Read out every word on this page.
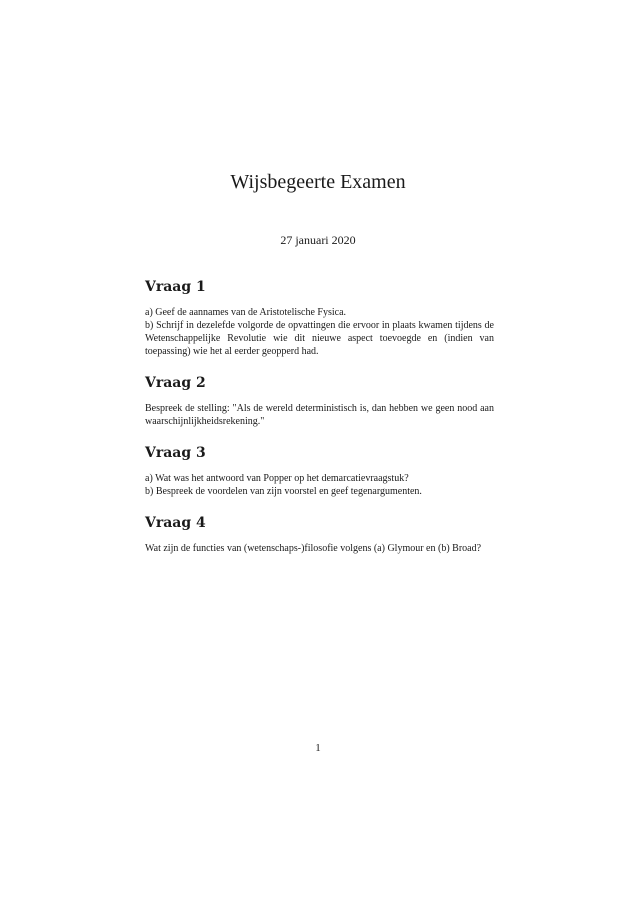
Wijsbegeerte Examen
27 januari 2020
Vraag 1
a) Geef de aannames van de Aristotelische Fysica.
b) Schrijf in dezelefde volgorde de opvattingen die ervoor in plaats kwamen tijdens de Wetenschappelijke Revolutie wie dit nieuwe aspect toevoegde en (indien van toepassing) wie het al eerder geopperd had.
Vraag 2
Bespreek de stelling: "Als de wereld deterministisch is, dan hebben we geen nood aan waarschijnlijkheidsrekening."
Vraag 3
a) Wat was het antwoord van Popper op het demarcatievraagstuk?
b) Bespreek de voordelen van zijn voorstel en geef tegenargumenten.
Vraag 4
Wat zijn de functies van (wetenschaps-)filosofie volgens (a) Glymour en (b) Broad?
1
